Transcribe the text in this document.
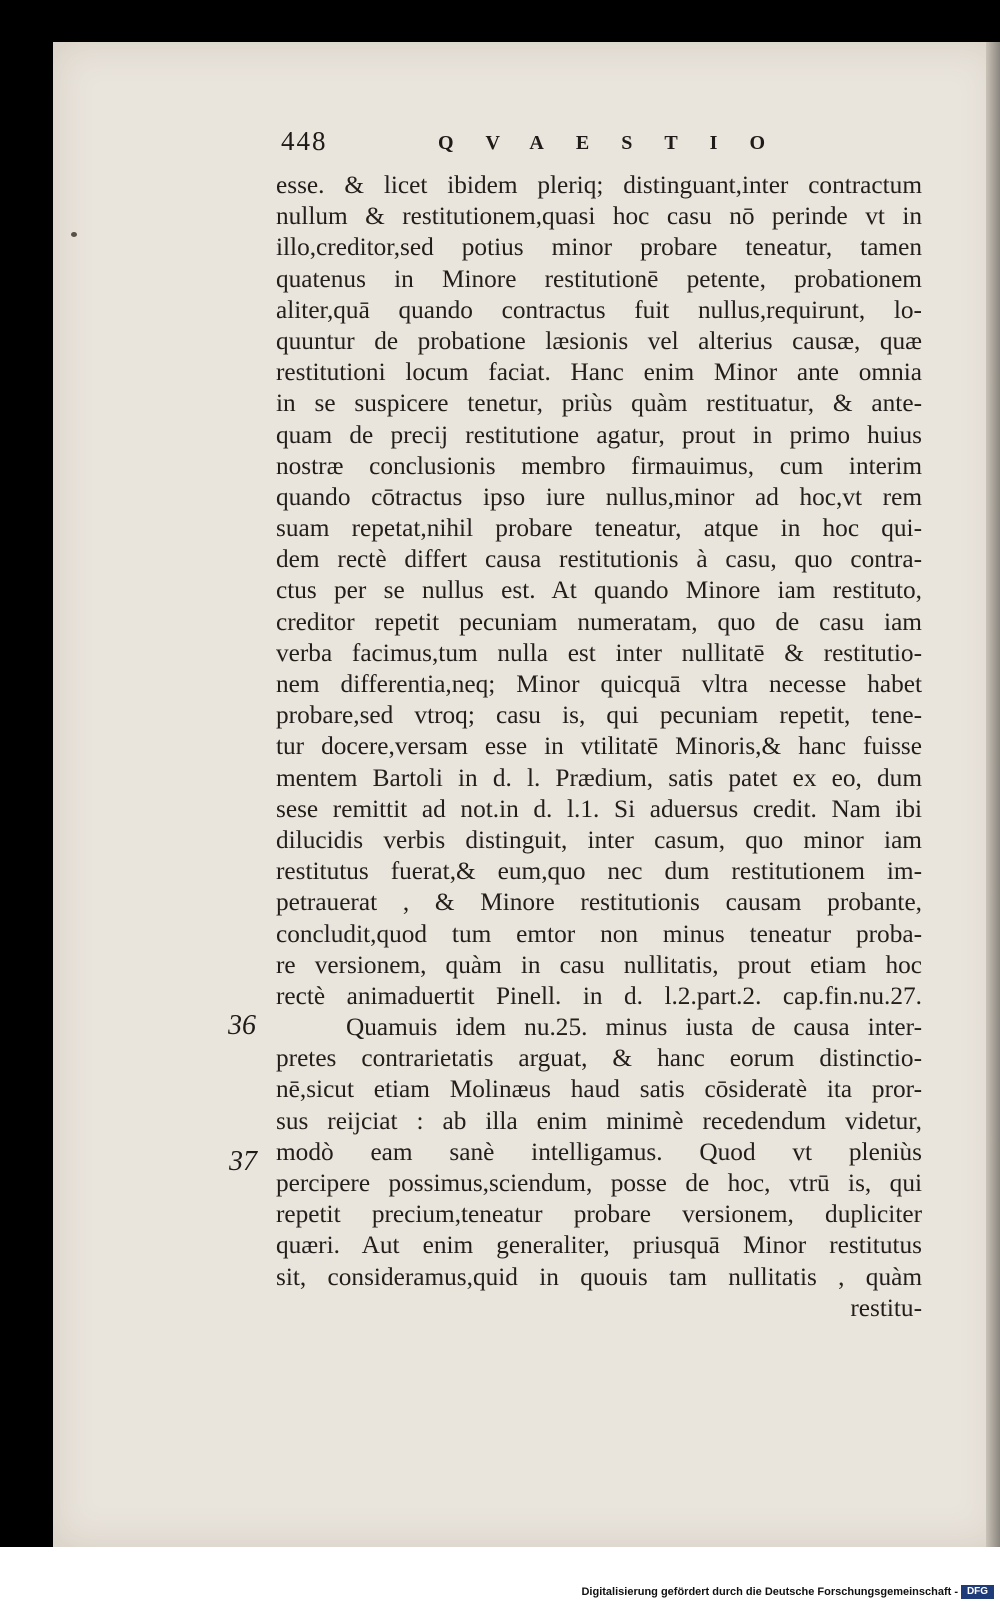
448	QVAESTIO
36
37
esse. & licet ibidem pleriq; distinguant,inter contractum
nullum & restitutionem,quasi hoc casu nō perinde vt in
illo,creditor,sed potius minor probare teneatur, tamen
quatenus in Minore restitutionē petente, probationem
aliter,quā quando contractus fuit nullus,requirunt, lo-
quuntur de probatione læsionis vel alterius causæ, quæ
restitutioni locum faciat. Hanc enim Minor ante omnia
in se suspicere tenetur, priùs quàm restituatur, & ante-
quam de precij restitutione agatur, prout in primo huius
nostræ conclusionis membro firmauimus, cum interim
quando cōtractus ipso iure nullus,minor ad hoc,vt rem
suam repetat,nihil probare teneatur, atque in hoc qui-
dem rectè differt causa restitutionis à casu, quo contra-
ctus per se nullus est. At quando Minore iam restituto,
creditor repetit pecuniam numeratam, quo de casu iam
verba facimus,tum nulla est inter nullitatē & restitutio-
nem differentia,neq; Minor quicquā vltra necesse habet
probare,sed vtroq; casu is, qui pecuniam repetit, tene-
tur docere,versam esse in vtilitatē Minoris,& hanc fuisse
mentem Bartoli in d. l. Prædium, satis patet ex eo, dum
sese remittit ad not.in d. l.1. Si aduersus credit. Nam ibi
dilucidis verbis distinguit, inter casum, quo minor iam
restitutus fuerat,& eum,quo nec dum restitutionem im-
petrauerat , & Minore restitutionis causam probante,
concludit,quod tum emtor non minus teneatur proba-
re versionem, quàm in casu nullitatis, prout etiam hoc
rectè animaduertit Pinell. in d. l.2.part.2. cap.fin.nu.27.
Quamuis idem nu.25. minus iusta de causa inter-
pretes contrarietatis arguat, & hanc eorum distinctio-
nē,sicut etiam Molinæus haud satis cōsideratè ita pror-
sus reijciat : ab illa enim minimè recedendum videtur,
modò eam sanè intelligamus. Quod vt pleniùs
percipere possimus,sciendum, posse de hoc, vtrū is, qui
repetit precium,teneatur probare versionem, dupliciter
quæri. Aut enim generaliter, priusquā Minor restitutus
sit, consideramus,quid in quouis tam nullitatis , quàm
restitu-
Digitalisierung gefördert durch die Deutsche Forschungsgemeinschaft - DFG
